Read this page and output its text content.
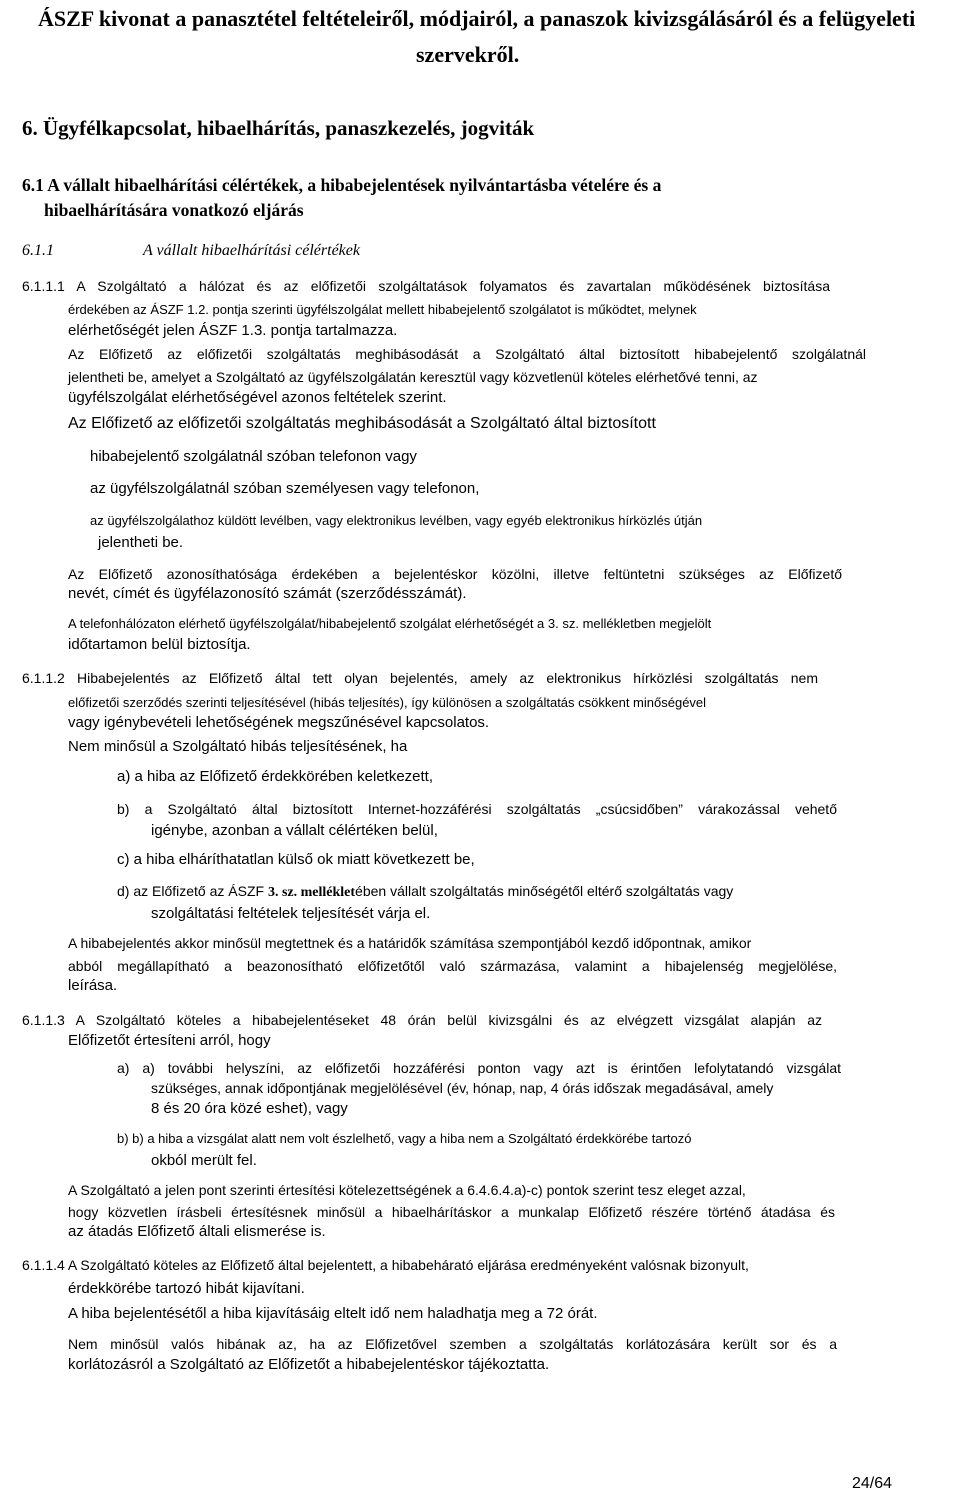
ÁSZF kivonat a panasztétel feltételeiről, módjairól, a panaszok kivizsgálásáról és a felügyeleti
szervekről.
6. Ügyfélkapcsolat, hibaelhárítás, panaszkezelés, jogviták
6.1 A vállalt hibaelhárítási célértékek, a hibabejelentések nyilvántartásba vételére és a
hibaelhárítására vonatkozó eljárás
6.1.1	A vállalt hibaelhárítási célértékek
6.1.1.1 A Szolgáltató a hálózat és az előfizetői szolgáltatások folyamatos és zavartalan működésének biztosítása
érdekében az ÁSZF 1.2. pontja szerinti ügyfélszolgálat mellett hibabejelentő szolgálatot is működtet, melynek
elérhetőségét jelen ÁSZF 1.3. pontja tartalmazza.
Az Előfizető az előfizetői szolgáltatás meghibásodását a Szolgáltató által biztosított hibabejelentő szolgálatnál
jelentheti be, amelyet a Szolgáltató az ügyfélszolgálatán keresztül vagy közvetlenül köteles elérhetővé tenni, az
ügyfélszolgálat elérhetőségével azonos feltételek szerint.
Az Előfizető az előfizetői szolgáltatás meghibásodását a Szolgáltató által biztosított
hibabejelentő szolgálatnál szóban telefonon vagy
az ügyfélszolgálatnál szóban személyesen vagy telefonon,
az ügyfélszolgálathoz küldött levélben, vagy elektronikus levélben, vagy egyéb elektronikus hírközlés útján
jelentheti be.
Az Előfizető azonosíthatósága érdekében a bejelentéskor közölni, illetve feltüntetni szükséges az Előfizető
nevét, címét és ügyfélazonosító számát (szerződésszámát).
A telefonhálózaton elérhető ügyfélszolgálat/hibabejelentő szolgálat elérhetőségét a 3. sz. mellékletben megjelölt
időtartamon belül biztosítja.
6.1.1.2 Hibabejelentés az Előfizető által tett olyan bejelentés, amely az elektronikus hírközlési szolgáltatás nem
előfizetői szerződés szerinti teljesítésével (hibás teljesítés), így különösen a szolgáltatás csökkent minőségével
vagy igénybevételi lehetőségének megszűnésével kapcsolatos.
Nem minősül a Szolgáltató hibás teljesítésének, ha
a) a hiba az Előfizető érdekkörében keletkezett,
b) a Szolgáltató által biztosított Internet-hozzáférési szolgáltatás „csúcsidőben” várakozással vehető
igénybe, azonban a vállalt célértéken belül,
c) a hiba elháríthatatlan külső ok miatt következett be,
d) az Előfizető az ÁSZF 3. sz. mellékletében vállalt szolgáltatás minőségétől eltérő szolgáltatás vagy
szolgáltatási feltételek teljesítését várja el.
A hibabejelentés akkor minősül megtettnek és a határidők számítása szempontjából kezdő időpontnak, amikor
abból megállapítható a beazonosítható előfizetőtől való származása, valamint a hibajelenség megjelölése,
leírása.
6.1.1.3 A Szolgáltató köteles a hibabejelentéseket 48 órán belül kivizsgálni és az elvégzett vizsgálat alapján az
Előfizetőt értesíteni arról, hogy
a) a) további helyszíni, az előfizetői hozzáférési ponton vagy azt is érintően lefolytatandó vizsgálat
szükséges, annak időpontjának megjelölésével (év, hónap, nap, 4 órás időszak megadásával, amely
8 és 20 óra közé eshet), vagy
b) b) a hiba a vizsgálat alatt nem volt észlelhető, vagy a hiba nem a Szolgáltató érdekkörébe tartozó
okból merült fel.
A Szolgáltató a jelen pont szerinti értesítési kötelezettségének a 6.4.6.4.a)-c) pontok szerint tesz eleget azzal,
hogy közvetlen írásbeli értesítésnek minősül a hibaelhárításkor a munkalap Előfizető részére történő átadása és
az átadás Előfizető általi elismerése is.
6.1.1.4 A Szolgáltató köteles az Előfizető által bejelentett, a hibabehárató eljárása eredményeként valósnak bizonyult,
érdekkörébe tartozó hibát kijavítani.
A hiba bejelentésétől a hiba kijavításáig eltelt idő nem haladhatja meg a 72 órát.
Nem minősül valós hibának az, ha az Előfizetővel szemben a szolgáltatás korlátozására került sor és a
korlátozásról a Szolgáltató az Előfizetőt a hibabejelentéskor tájékoztatta.
24/64
